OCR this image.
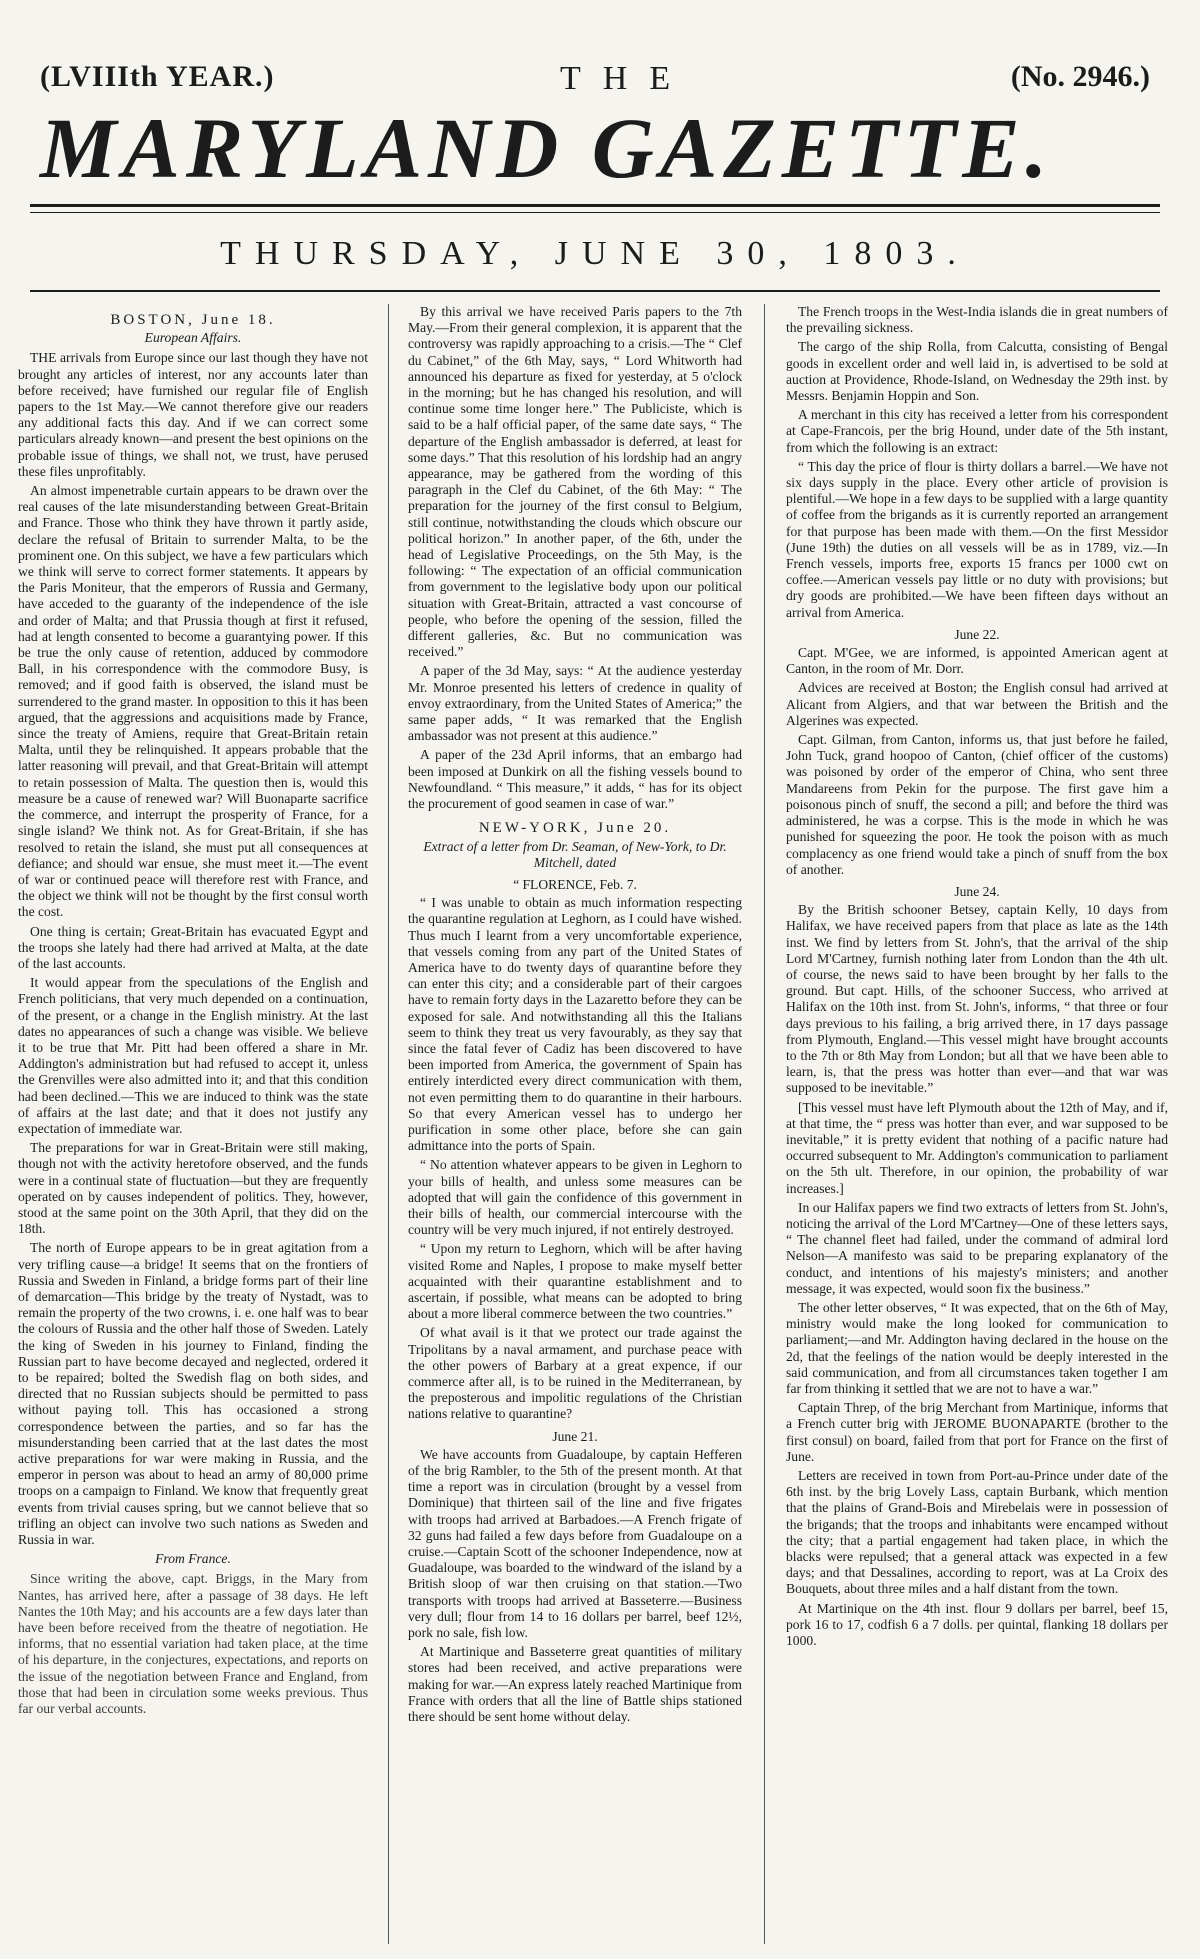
(LVIIIth YEAR.)	THE	(No. 2946.)
MARYLAND GAZETTE.
THURSDAY, JUNE 30, 1803.
BOSTON, June 18.
European Affairs.

THE arrivals from Europe since our last though they have not brought any articles of interest, nor any accounts later than before received; have furnished our regular file of English papers to the 1st May.—We cannot therefore give our readers any additional facts this day. And if we can correct some particulars already known—and present the best opinions on the probable issue of things, we shall not, we trust, have perused these files unprofitably.

An almost impenetrable curtain appears to be drawn over the real causes of the late misunderstanding between Great-Britain and France. Those who think they have thrown it partly aside, declare the refusal of Britain to surrender Malta, to be the prominent one. On this subject, we have a few particulars which we think will serve to correct former statements. It appears by the Paris Moniteur, that the emperors of Russia and Germany, have acceded to the guaranty of the independence of the isle and order of Malta; and that Prussia though at first it refused, had at length consented to become a guarantying power. If this be true the only cause of retention, adduced by commodore Ball, in his correspondence with the commodore Busy, is removed; and if good faith is observed, the island must be surrendered to the grand master. In opposition to this it has been argued, that the aggressions and acquisitions made by France, since the treaty of Amiens, require that Great-Britain retain Malta, until they be relinquished. It appears probable that the latter reasoning will prevail, and that Great-Britain will attempt to retain possession of Malta. The question then is, would this measure be a cause of renewed war? Will Buonaparte sacrifice the commerce, and interrupt the prosperity of France, for a single island? We think not. As for Great-Britain, if she has resolved to retain the island, she must put all consequences at defiance; and should war ensue, she must meet it.—The event of war or continued peace will therefore rest with France, and the object we think will not be thought by the first consul worth the cost.

One thing is certain; Great-Britain has evacuated Egypt and the troops she lately had there had arrived at Malta, at the date of the last accounts.

It would appear from the speculations of the English and French politicians, that very much depended on a continuation, of the present, or a change in the English ministry. At the last dates no appearances of such a change was visible. We believe it to be true that Mr. Pitt had been offered a share in Mr. Addington's administration but had refused to accept it, unless the Grenvilles were also admitted into it; and that this condition had been declined.—This we are induced to think was the state of affairs at the last date; and that it does not justify any expectation of immediate war.

The preparations for war in Great-Britain were still making, though not with the activity heretofore observed, and the funds were in a continual state of fluctuation—but they are frequently operated on by causes independent of politics. They, however, stood at the same point on the 30th April, that they did on the 18th.

The north of Europe appears to be in great agitation from a very trifling cause—a bridge! It seems that on the frontiers of Russia and Sweden in Finland, a bridge forms part of their line of demarcation—This bridge by the treaty of Nystadt, was to remain the property of the two crowns, i. e. one half was to bear the colours of Russia and the other half those of Sweden. Lately the king of Sweden in his journey to Finland, finding the Russian part to have become decayed and neglected, ordered it to be repaired; bolted the Swedish flag on both sides, and directed that no Russian subjects should be permitted to pass without paying toll. This has occasioned a strong correspondence between the parties, and so far has the misunderstanding been carried that at the last dates the most active preparations for war were making in Russia, and the emperor in person was about to head an army of 80,000 prime troops on a campaign to Finland. We know that frequently great events from trivial causes spring, but we cannot believe that so trifling an object can involve two such nations as Sweden and Russia in war.

From France.

Since writing the above, capt. Briggs, in the Mary from Nantes, has arrived here, after a passage of 38 days. He left Nantes the 10th May; and his accounts are a few days later than have been before received from the theatre of negotiation. He informs, that no essential variation had taken place, at the time of his departure, in the conjectures, expectations, and reports on the issue of the negotiation between France and England, from those that had been in circulation some weeks previous. Thus far our verbal accounts.

By this arrival we have received Paris papers to the 7th May.—From their general complexion, it is apparent that the controversy was rapidly approaching to a crisis.—The “ Clef du Cabinet,” of the 6th May, says, “ Lord Whitworth had announced his departure as fixed for yesterday, at 5 o'clock in the morning; but he has changed his resolution, and will continue some time longer here.” The Publiciste, which is said to be a half official paper, of the same date says, “ The departure of the English ambassador is deferred, at least for some days.” That this resolution of his lordship had an angry appearance, may be gathered from the wording of this paragraph in the Clef du Cabinet, of the 6th May: “ The preparation for the journey of the first consul to Belgium, still continue, notwithstanding the clouds which obscure our political horizon.” In another paper, of the 6th, under the head of Legislative Proceedings, on the 5th May, is the following: “ The expectation of an official communication from government to the legislative body upon our political situation with Great-Britain, attracted a vast concourse of people, who before the opening of the session, filled the different galleries, &c. But no communication was received.”

A paper of the 3d May, says: “ At the audience yesterday Mr. Monroe presented his letters of credence in quality of envoy extraordinary, from the United States of America;” the same paper adds, “ It was remarked that the English ambassador was not present at this audience.”

A paper of the 23d April informs, that an embargo had been imposed at Dunkirk on all the fishing vessels bound to Newfoundland. “ This measure,” it adds, “ has for its object the procurement of good seamen in case of war.”

NEW-YORK, June 20.
Extract of a letter from Dr. Seaman, of New-York, to Dr. Mitchell, dated
“ FLORENCE, Feb. 7.

“ I was unable to obtain as much information respecting the quarantine regulation at Leghorn, as I could have wished. Thus much I learnt from a very uncomfortable experience, that vessels coming from any part of the United States of America have to do twenty days of quarantine before they can enter this city; and a considerable part of their cargoes have to remain forty days in the Lazaretto before they can be exposed for sale. And notwithstanding all this the Italians seem to think they treat us very favourably, as they say that since the fatal fever of Cadiz has been discovered to have been imported from America, the government of Spain has entirely interdicted every direct communication with them, not even permitting them to do quarantine in their harbours. So that every American vessel has to undergo her purification in some other place, before she can gain admittance into the ports of Spain.

“ No attention whatever appears to be given in Leghorn to your bills of health, and unless some measures can be adopted that will gain the confidence of this government in their bills of health, our commercial intercourse with the country will be very much injured, if not entirely destroyed.

“ Upon my return to Leghorn, which will be after having visited Rome and Naples, I propose to make myself better acquainted with their quarantine establishment and to ascertain, if possible, what means can be adopted to bring about a more liberal commerce between the two countries.”

Of what avail is it that we protect our trade against the Tripolitans by a naval armament, and purchase peace with the other powers of Barbary at a great expence, if our commerce after all, is to be ruined in the Mediterranean, by the preposterous and impolitic regulations of the Christian nations relative to quarantine?

June 21.

We have accounts from Guadaloupe, by captain Hefferen of the brig Rambler, to the 5th of the present month. At that time a report was in circulation (brought by a vessel from Dominique) that thirteen sail of the line and five frigates with troops had arrived at Barbadoes.—A French frigate of 32 guns had failed a few days before from Guadaloupe on a cruise.—Captain Scott of the schooner Independence, now at Guadaloupe, was boarded to the windward of the island by a British sloop of war then cruising on that station.—Two transports with troops had arrived at Basseterre.—Business very dull; flour from 14 to 16 dollars per barrel, beef 12½, pork no sale, fish low.

At Martinique and Basseterre great quantities of military stores had been received, and active preparations were making for war.—An express lately reached Martinique from France with orders that all the line of Battle ships stationed there should be sent home without delay.

The French troops in the West-India islands die in great numbers of the prevailing sickness.

The cargo of the ship Rolla, from Calcutta, consisting of Bengal goods in excellent order and well laid in, is advertised to be sold at auction at Providence, Rhode-Island, on Wednesday the 29th inst. by Messrs. Benjamin Hoppin and Son.

A merchant in this city has received a letter from his correspondent at Cape-Francois, per the brig Hound, under date of the 5th instant, from which the following is an extract:

“ This day the price of flour is thirty dollars a barrel.—We have not six days supply in the place. Every other article of provision is plentiful.—We hope in a few days to be supplied with a large quantity of coffee from the brigands as it is currently reported an arrangement for that purpose has been made with them.—On the first Messidor (June 19th) the duties on all vessels will be as in 1789, viz.—In French vessels, imports free, exports 15 francs per 1000 cwt on coffee.—American vessels pay little or no duty with provisions; but dry goods are prohibited.—We have been fifteen days without an arrival from America.

June 22.

Capt. M'Gee, we are informed, is appointed American agent at Canton, in the room of Mr. Dorr.

Advices are received at Boston; the English consul had arrived at Alicant from Algiers, and that war between the British and the Algerines was expected.

Capt. Gilman, from Canton, informs us, that just before he failed, John Tuck, grand hoopoo of Canton, (chief officer of the customs) was poisoned by order of the emperor of China, who sent three Mandareens from Pekin for the purpose. The first gave him a poisonous pinch of snuff, the second a pill; and before the third was administered, he was a corpse. This is the mode in which he was punished for squeezing the poor. He took the poison with as much complacency as one friend would take a pinch of snuff from the box of another.

June 24.

By the British schooner Betsey, captain Kelly, 10 days from Halifax, we have received papers from that place as late as the 14th inst. We find by letters from St. John's, that the arrival of the ship Lord M'Cartney, furnish nothing later from London than the 4th ult. of course, the news said to have been brought by her falls to the ground. But capt. Hills, of the schooner Success, who arrived at Halifax on the 10th inst. from St. John's, informs, “ that three or four days previous to his failing, a brig arrived there, in 17 days passage from Plymouth, England.—This vessel might have brought accounts to the 7th or 8th May from London; but all that we have been able to learn, is, that the press was hotter than ever—and that war was supposed to be inevitable.”

[This vessel must have left Plymouth about the 12th of May, and if, at that time, the “ press was hotter than ever, and war supposed to be inevitable,” it is pretty evident that nothing of a pacific nature had occurred subsequent to Mr. Addington's communication to parliament on the 5th ult. Therefore, in our opinion, the probability of war increases.]

In our Halifax papers we find two extracts of letters from St. John's, noticing the arrival of the Lord M'Cartney—One of these letters says, “ The channel fleet had failed, under the command of admiral lord Nelson—A manifesto was said to be preparing explanatory of the conduct, and intentions of his majesty's ministers; and another message, it was expected, would soon fix the business.”

The other letter observes, “ It was expected, that on the 6th of May, ministry would make the long looked for communication to parliament;—and Mr. Addington having declared in the house on the 2d, that the feelings of the nation would be deeply interested in the said communication, and from all circumstances taken together I am far from thinking it settled that we are not to have a war.”

Captain Threp, of the brig Merchant from Martinique, informs that a French cutter brig with JEROME BUONAPARTE (brother to the first consul) on board, failed from that port for France on the first of June.

Letters are received in town from Port-au-Prince under date of the 6th inst. by the brig Lovely Lass, captain Burbank, which mention that the plains of Grand-Bois and Mirebelais were in possession of the brigands; that the troops and inhabitants were encamped without the city; that a partial engagement had taken place, in which the blacks were repulsed; that a general attack was expected in a few days; and that Dessalines, according to report, was at La Croix des Bouquets, about three miles and a half distant from the town.

At Martinique on the 4th inst. flour 9 dollars per barrel, beef 15, pork 16 to 17, codfish 6 a 7 dolls. per quintal, flanking 18 dollars per 1000.
